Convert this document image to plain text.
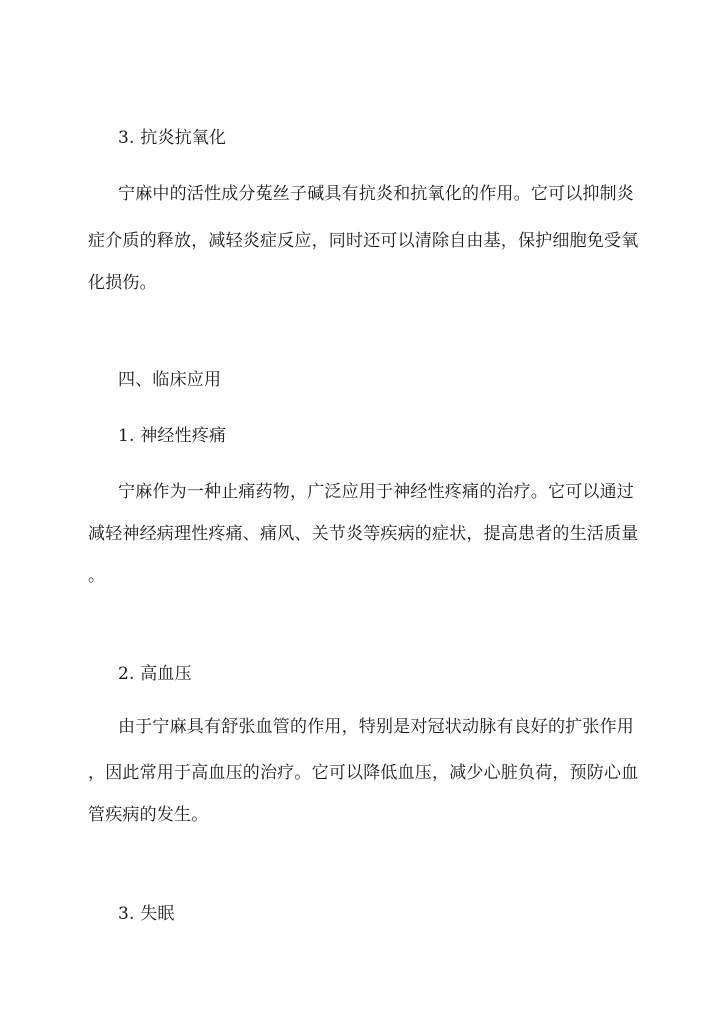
3. 抗炎抗氧化
宁麻中的活性成分菟丝子碱具有抗炎和抗氧化的作用。它可以抑制炎
症介质的释放，减轻炎症反应，同时还可以清除自由基，保护细胞免受氧
化损伤。
四、临床应用
1. 神经性疼痛
宁麻作为一种止痛药物，广泛应用于神经性疼痛的治疗。它可以通过
减轻神经病理性疼痛、痛风、关节炎等疾病的症状，提高患者的生活质量
。
2. 高血压
由于宁麻具有舒张血管的作用，特别是对冠状动脉有良好的扩张作用
，因此常用于高血压的治疗。它可以降低血压，减少心脏负荷，预防心血
管疾病的发生。
3. 失眠
